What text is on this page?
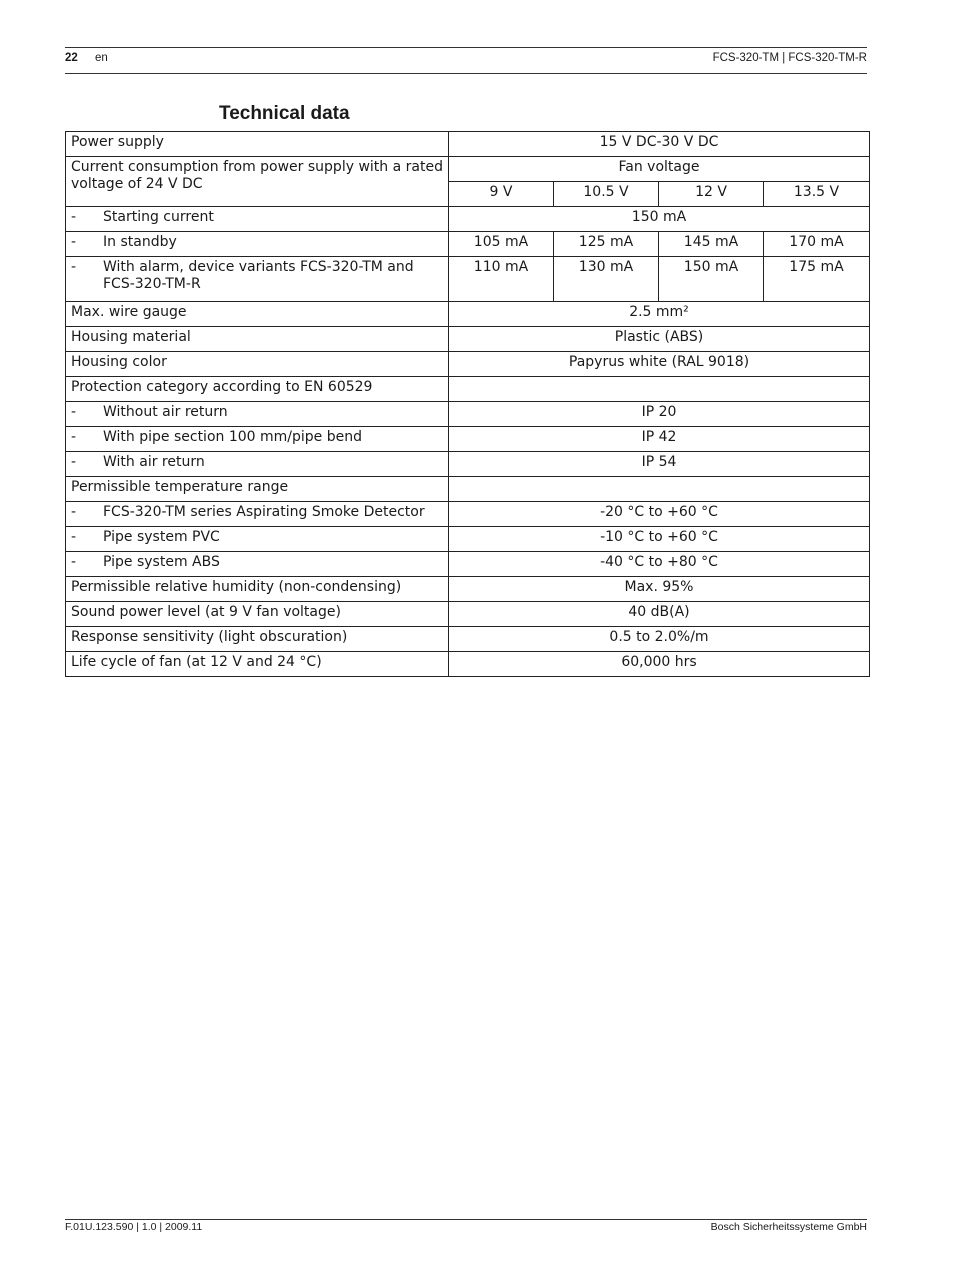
22 en	FCS-320-TM | FCS-320-TM-R
Technical data
Power supply	15 V DC-30 V DC			
Current consumption from power supply with a rated voltage of 24 V DC	Fan voltage			
	9 V	10.5 V	12 V	13.5 V
- Starting current	150 mA			
- In standby	105 mA	125 mA	145 mA	170 mA
- With alarm, device variants FCS-320-TM and FCS-320-TM-R	110 mA	130 mA	150 mA	175 mA
Max. wire gauge	2.5 mm²			
Housing material	Plastic (ABS)			
Housing color	Papyrus white (RAL 9018)			
Protection category according to EN 60529				
- Without air return	IP 20			
- With pipe section 100 mm/pipe bend	IP 42			
- With air return	IP 54			
Permissible temperature range				
- FCS-320-TM series Aspirating Smoke Detector	-20 °C to +60 °C			
- Pipe system PVC	-10 °C to +60 °C			
- Pipe system ABS	-40 °C to +80 °C			
Permissible relative humidity (non-condensing)	Max. 95%			
Sound power level (at 9 V fan voltage)	40 dB(A)			
Response sensitivity (light obscuration)	0.5 to 2.0%/m			
Life cycle of fan (at 12 V and 24 °C)	60,000 hrs			
F.01U.123.590 | 1.0 | 2009.11	Bosch Sicherheitssysteme GmbH
